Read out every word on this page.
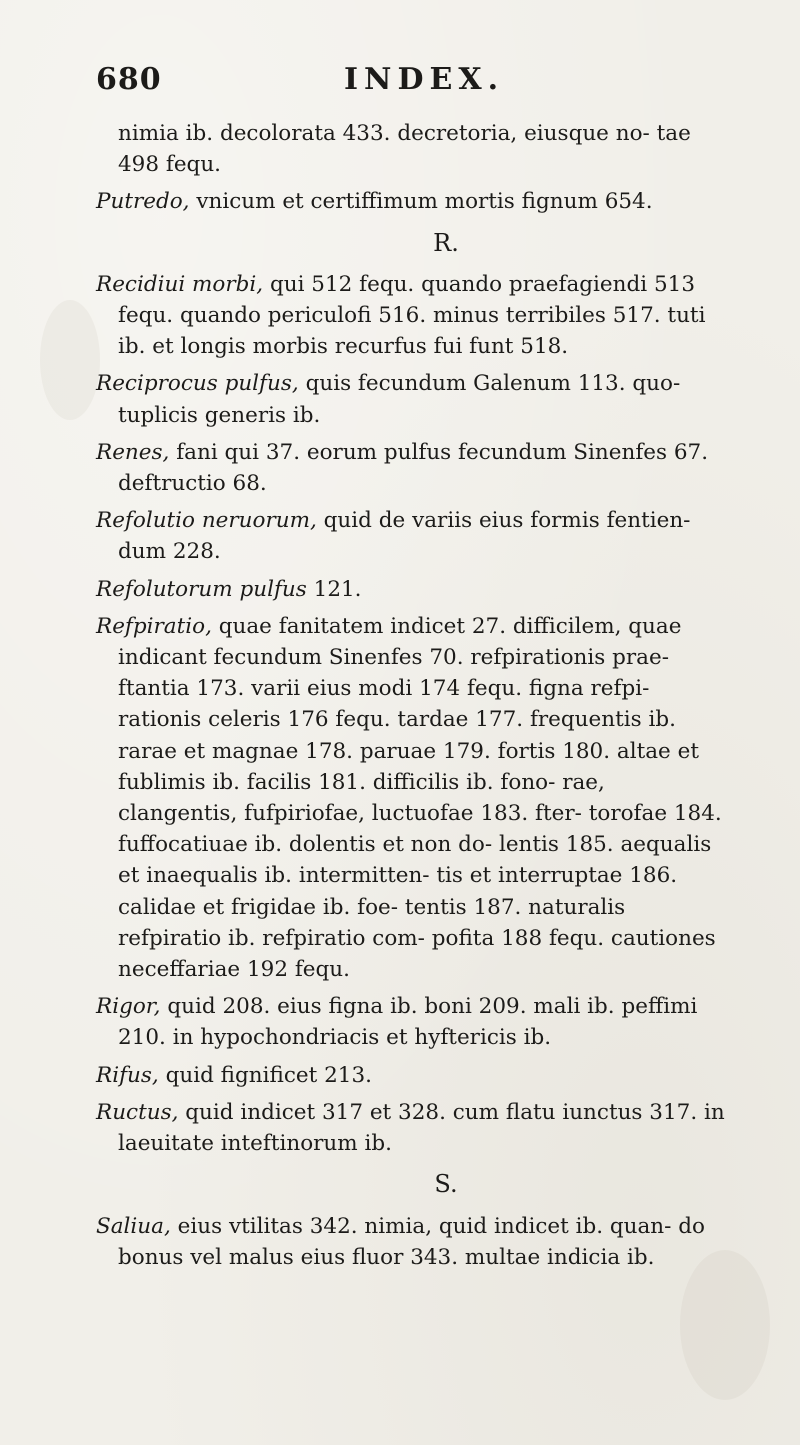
680	INDEX.

nimia ib. decolorata 433. decretoria, eiusque no- tae 498 fequ.

Putredo, vnicum et certiffimum mortis fignum 654.

R.

Recidiui morbi, qui 512 fequ. quando praefagiendi 513 fequ. quando periculofi 516. minus terribiles 517. tuti ib. et longis morbis recurfus fui funt 518.

Reciprocus pulfus, quis fecundum Galenum 113. quo- tuplicis generis ib.

Renes, fani qui 37. eorum pulfus fecundum Sinenfes 67. deftructio 68.

Refolutio neruorum, quid de variis eius formis fentien- dum 228.

Refolutorum pulfus 121.

Refpiratio, quae fanitatem indicet 27. difficilem, quae indicant fecundum Sinenfes 70. refpirationis prae- ftantia 173. varii eius modi 174 fequ. figna refpi- rationis celeris 176 fequ. tardae 177. frequentis ib. rarae et magnae 178. paruae 179. fortis 180. altae et fublimis ib. facilis 181. difficilis ib. fono- rae, clangentis, fufpiriofae, luctuofae 183. fter- torofae 184. fuffocatiuae ib. dolentis et non do- lentis 185. aequalis et inaequalis ib. intermitten- tis et interruptae 186. calidae et frigidae ib. foe- tentis 187. naturalis refpiratio ib. refpiratio com- pofita 188 fequ. cautiones neceffariae 192 fequ.

Rigor, quid 208. eius figna ib. boni 209. mali ib. peffimi 210. in hypochondriacis et hyftericis ib.

Rifus, quid fignificet 213.

Ructus, quid indicet 317 et 328. cum flatu iunctus 317. in laeuitate inteftinorum ib.

S.

Saliua, eius vtilitas 342. nimia, quid indicet ib. quan- do bonus vel malus eius fluor 343. multae indicia ib.
